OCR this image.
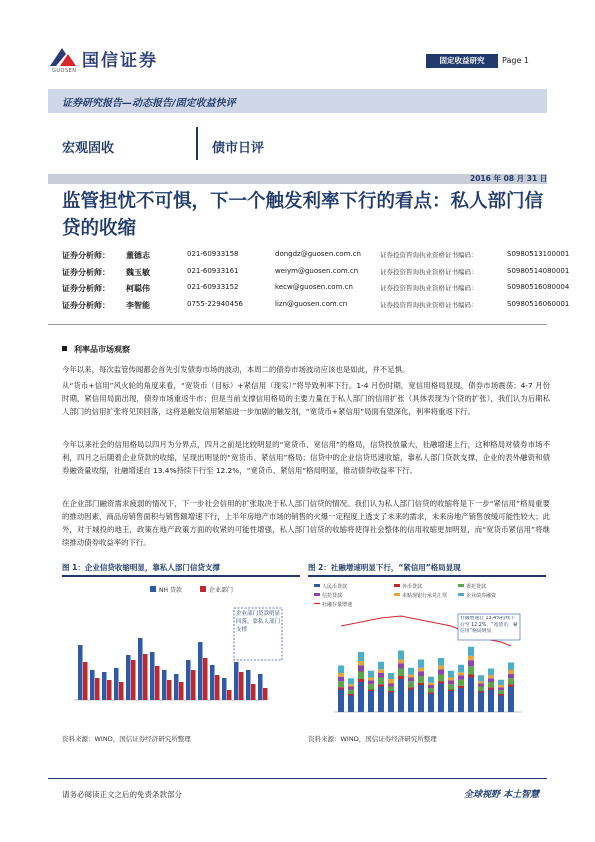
国信证券
GUOSEN
固定收益研究	Page 1
证券研究报告—动态报告/固定收益快评
宏观固收	债市日评
2016 年 08 月 31 日
监管担忧不可惧，下一个触发利率下行的看点：私人部门信贷的收缩
证券分析师： 董德志	021-60933158	dongdz@guosen.com.cn	证券投资咨询执业资格证书编码：	S0980513100001
证券分析师： 魏玉敏	021-60933161	weiym@guosen.com.cn	证券投资咨询执业资格证书编码：	S0980514080001
证券分析师： 柯聪伟	021-60933152	kecw@guosen.com.cn	证券投资咨询执业资格证书编码：	S0980516080004
证券分析师： 李智能	0755-22940456	lizn@guosen.com.cn	证券投资咨询执业资格证书编码：	S0980516060001
利率品市场观察
今年以来，每次监管传闻都会首先引发债券市场的波动，本周二的债券市场波动应该也是如此，并不足惧。
从“货币+信用”风火轮的角度来看，“宽货币（目标）+紧信用（现实）”将导致利率下行。1-4 月份时期，宽信用格局显现，债券市场震荡；4-7 月份时期，紧信用局面出现，债券市场重返牛市；但是当前支撑信用格局的主要力量在于私人部门的信用扩张（具体表现为个贷的扩张），我们认为后期私人部门的信用扩张将见顶回落，这将是触发信用紧缩进一步加剧的触发剂，“宽货币+紧信用”局面有望深化，利率将重返下行。
今年以来社会的信用格局以四月为分界点，四月之前是比较明显的“宽货币、宽信用”的格局，信贷投放量大，社融增速上行，这种格局对债券市场不利，四月之后随着企业贷款的收缩，呈现出明显的“宽货币、紧信用”格局；信贷中的企业信贷迅速收缩，靠私人部门贷款支撑，企业的表外融资和债券融资量收缩，社融增速自 13.4%持续下行至 12.2%，“宽货币、紧信用”格局明显，推动债券收益率下行。
在企业部门融资需求疲弱的情况下，下一步社会信用的扩张取决于私人部门信贷的情况。我们认为私人部门信贷的收缩将是下一步“紧信用”格局重要的推动因素，商品房销售面积与销售额增速下行，上半年房地产市场的销售的火爆一定程度上透支了未来的需求，未来房地产销售放缓可能性较大；此外，对于城投的地王，政策在地产政策方面的收紧的可能性增强，私人部门信贷的收缩将使得社会整体的信用收缩更加明显，而“宽货币紧信用”将继续推动债券收益率的下行。
图 1：企业信贷收缩明显，靠私人部门信贷支撑
NH 贷款	企业部门
企业部门贷款明显回落，靠私人部门支撑
资料来源：WIND，国信证券经济研究所整理
图 2：社融增速明显下行，“紧信用”格局显现
人民币贷款	外币贷款	委托贷款
信托贷款	未贴现银行承兑汇票	企业债券融资
社融存量增速
社融增速自 13.4%持续下行至 12.2%，“宽货币、紧信用”格局明显
资料来源：WIND，国信证券经济研究所整理
请务必阅读正文之后的免责条款部分	全球视野 本土智慧
